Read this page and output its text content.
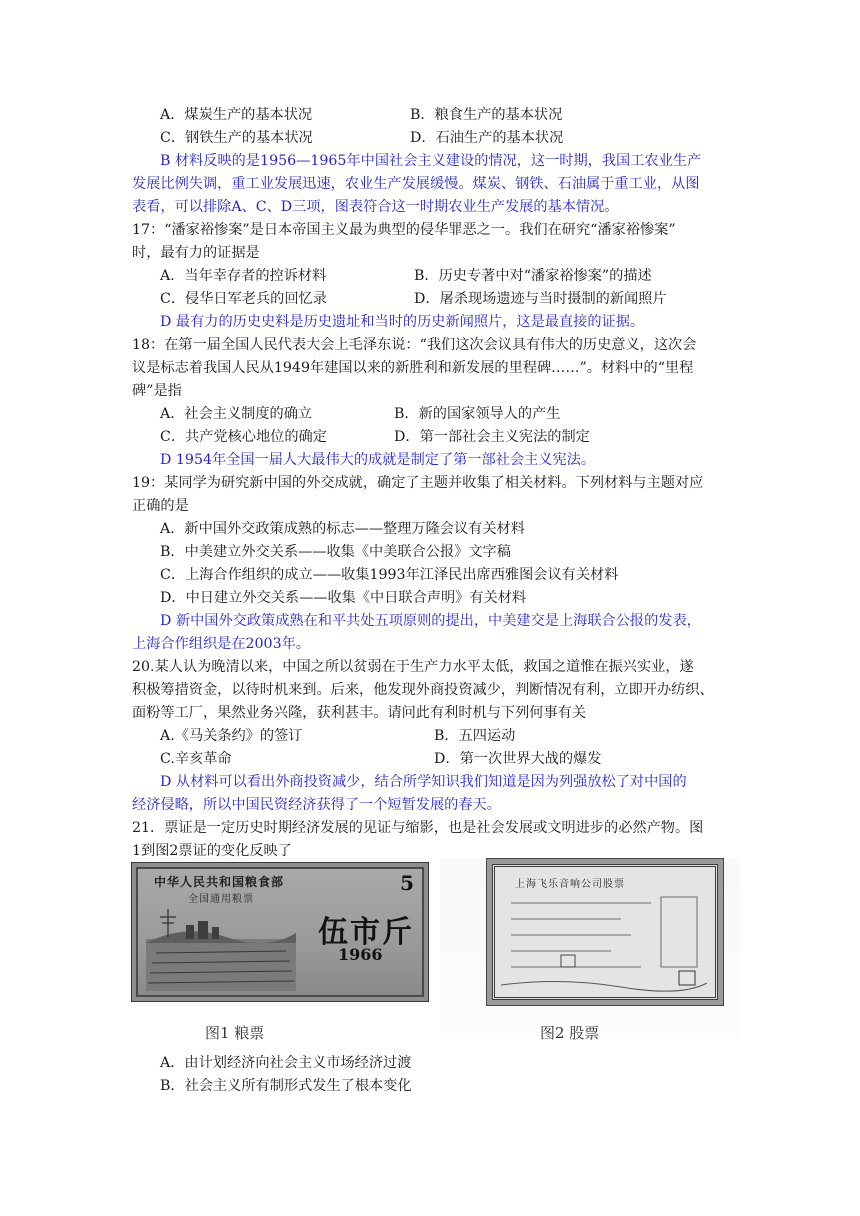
A．煤炭生产的基本状况	B．粮食生产的基本状况
C．钢铁生产的基本状况	D．石油生产的基本状况
B 材料反映的是1956—1965年中国社会主义建设的情况，这一时期，我国工农业生产
发展比例失调，重工业发展迅速，农业生产发展缓慢。煤炭、钢铁、石油属于重工业，从图
表看，可以排除A、C、D三项，图表符合这一时期农业生产发展的基本情况。
17：“潘家裕惨案”是日本帝国主义最为典型的侵华罪恶之一。我们在研究“潘家裕惨案”
时，最有力的证据是
A．当年幸存者的控诉材料	B．历史专著中对“潘家裕惨案”的描述
C．侵华日军老兵的回忆录	D．屠杀现场遗迹与当时摄制的新闻照片
D 最有力的历史史料是历史遗址和当时的历史新闻照片，这是最直接的证据。
18：在第一届全国人民代表大会上毛泽东说：“我们这次会议具有伟大的历史意义，这次会
议是标志着我国人民从1949年建国以来的新胜利和新发展的里程碑……”。材料中的“里程
碑”是指
A．社会主义制度的确立	B．新的国家领导人的产生
C．共产党核心地位的确定	D．第一部社会主义宪法的制定
D 1954年全国一届人大最伟大的成就是制定了第一部社会主义宪法。
19：某同学为研究新中国的外交成就，确定了主题并收集了相关材料。下列材料与主题对应
正确的是
A．新中国外交政策成熟的标志——整理万隆会议有关材料
B．中美建立外交关系——收集《中美联合公报》文字稿
C．上海合作组织的成立——收集1993年江泽民出席西雅图会议有关材料
D．中日建立外交关系——收集《中日联合声明》有关材料
D 新中国外交政策成熟在和平共处五项原则的提出，中美建交是上海联合公报的发表，
上海合作组织是在2003年。
20.某人认为晚清以来，中国之所以贫弱在于生产力水平太低，救国之道惟在振兴实业，遂
积极筹措资金，以待时机来到。后来，他发现外商投资减少，判断情况有利，立即开办纺织、
面粉等工厂，果然业务兴隆，获利甚丰。请问此有利时机与下列何事有关
A.《马关条约》的签订	B．五四运动
C.辛亥革命	D．第一次世界大战的爆发
D 从材料可以看出外商投资减少，结合所学知识我们知道是因为列强放松了对中国的
经济侵略，所以中国民资经济获得了一个短暂发展的春天。
21．票证是一定历史时期经济发展的见证与缩影，也是社会发展或文明进步的必然产物。图
1到图2票证的变化反映了
中华人民共和国粮食部
全国通用粮票
5
伍市斤
1966
图1 粮票
上海飞乐音响公司股票
图2 股票
A．由计划经济向社会主义市场经济过渡
B．社会主义所有制形式发生了根本变化
